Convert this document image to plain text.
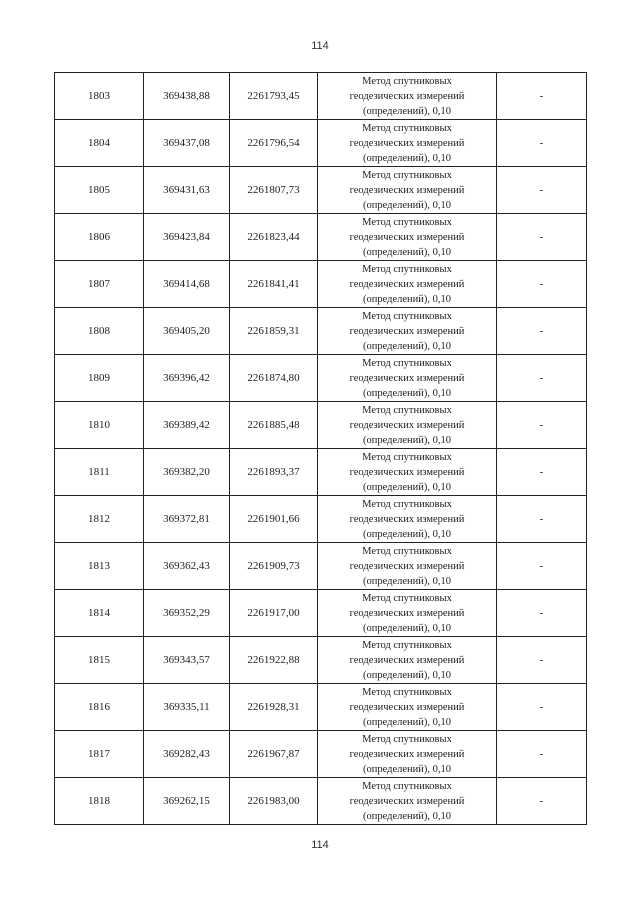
114
1803	369438,88	2261793,45	Метод спутниковых
геодезических измерений
(определений), 0,10	-
1804	369437,08	2261796,54	Метод спутниковых
геодезических измерений
(определений), 0,10	-
1805	369431,63	2261807,73	Метод спутниковых
геодезических измерений
(определений), 0,10	-
1806	369423,84	2261823,44	Метод спутниковых
геодезических измерений
(определений), 0,10	-
1807	369414,68	2261841,41	Метод спутниковых
геодезических измерений
(определений), 0,10	-
1808	369405,20	2261859,31	Метод спутниковых
геодезических измерений
(определений), 0,10	-
1809	369396,42	2261874,80	Метод спутниковых
геодезических измерений
(определений), 0,10	-
1810	369389,42	2261885,48	Метод спутниковых
геодезических измерений
(определений), 0,10	-
1811	369382,20	2261893,37	Метод спутниковых
геодезических измерений
(определений), 0,10	-
1812	369372,81	2261901,66	Метод спутниковых
геодезических измерений
(определений), 0,10	-
1813	369362,43	2261909,73	Метод спутниковых
геодезических измерений
(определений), 0,10	-
1814	369352,29	2261917,00	Метод спутниковых
геодезических измерений
(определений), 0,10	-
1815	369343,57	2261922,88	Метод спутниковых
геодезических измерений
(определений), 0,10	-
1816	369335,11	2261928,31	Метод спутниковых
геодезических измерений
(определений), 0,10	-
1817	369282,43	2261967,87	Метод спутниковых
геодезических измерений
(определений), 0,10	-
1818	369262,15	2261983,00	Метод спутниковых
геодезических измерений
(определений), 0,10	-
114
